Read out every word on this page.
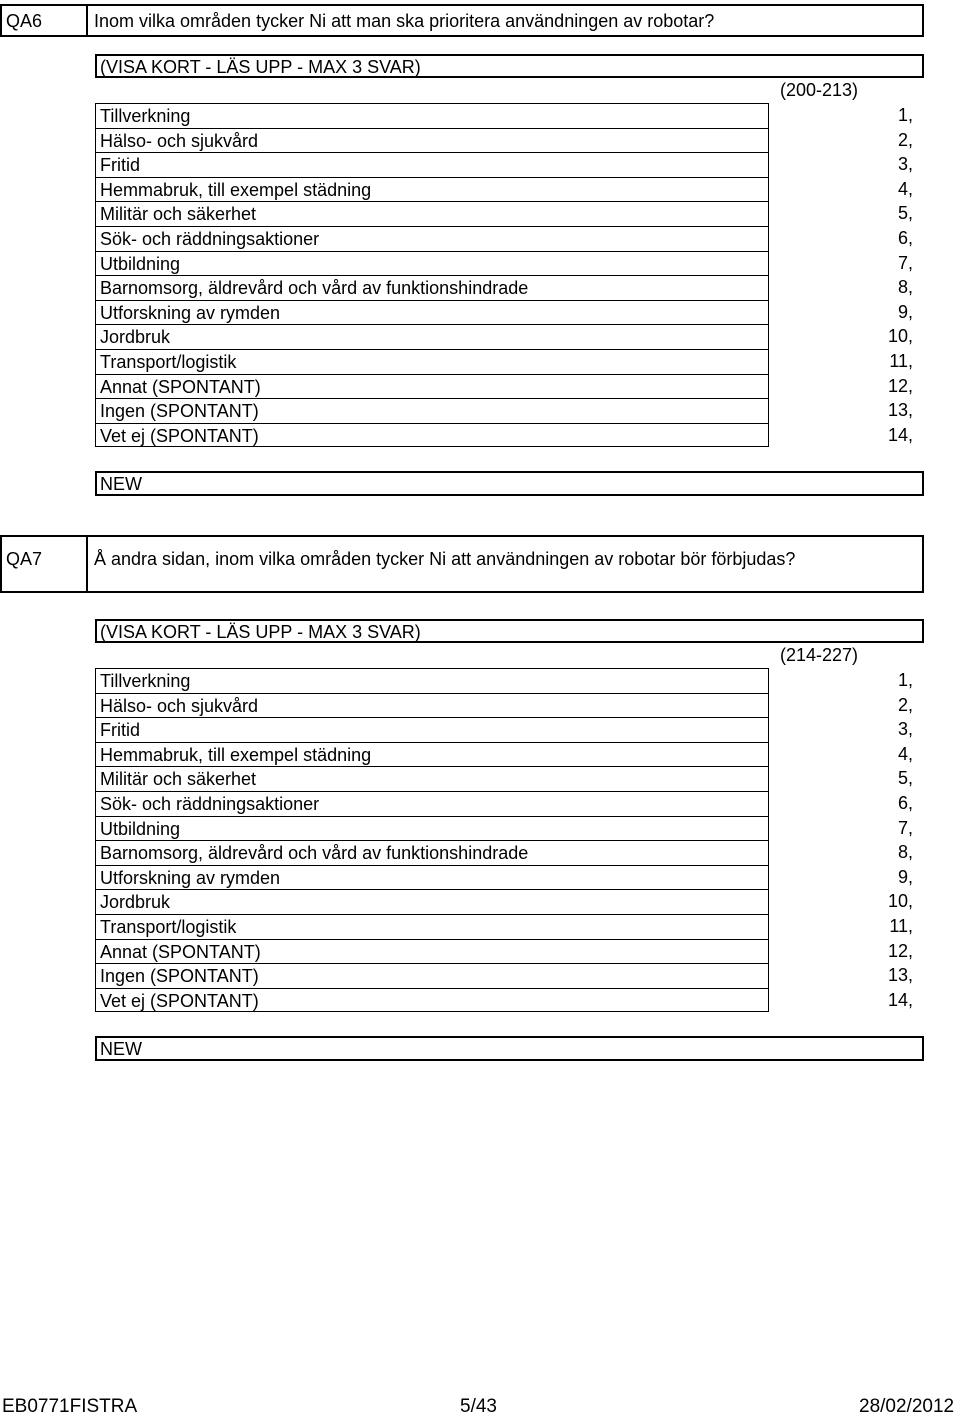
QA6	Inom vilka områden tycker Ni att man ska prioritera användningen av robotar?
(VISA KORT - LÄS UPP - MAX 3 SVAR)
(200-213)
Tillverkning	1,
Hälso- och sjukvård	2,
Fritid	3,
Hemmabruk, till exempel städning	4,
Militär och säkerhet	5,
Sök- och räddningsaktioner	6,
Utbildning	7,
Barnomsorg, äldrevård och vård av funktionshindrade	8,
Utforskning av rymden	9,
Jordbruk	10,
Transport/logistik	11,
Annat (SPONTANT)	12,
Ingen (SPONTANT)	13,
Vet ej (SPONTANT)	14,
NEW
QA7	Å andra sidan, inom vilka områden tycker Ni att användningen av robotar bör förbjudas?
(VISA KORT - LÄS UPP - MAX 3 SVAR)
(214-227)
Tillverkning	1,
Hälso- och sjukvård	2,
Fritid	3,
Hemmabruk, till exempel städning	4,
Militär och säkerhet	5,
Sök- och räddningsaktioner	6,
Utbildning	7,
Barnomsorg, äldrevård och vård av funktionshindrade	8,
Utforskning av rymden	9,
Jordbruk	10,
Transport/logistik	11,
Annat (SPONTANT)	12,
Ingen (SPONTANT)	13,
Vet ej (SPONTANT)	14,
NEW
EB0771FISTRA	5/43	28/02/2012
